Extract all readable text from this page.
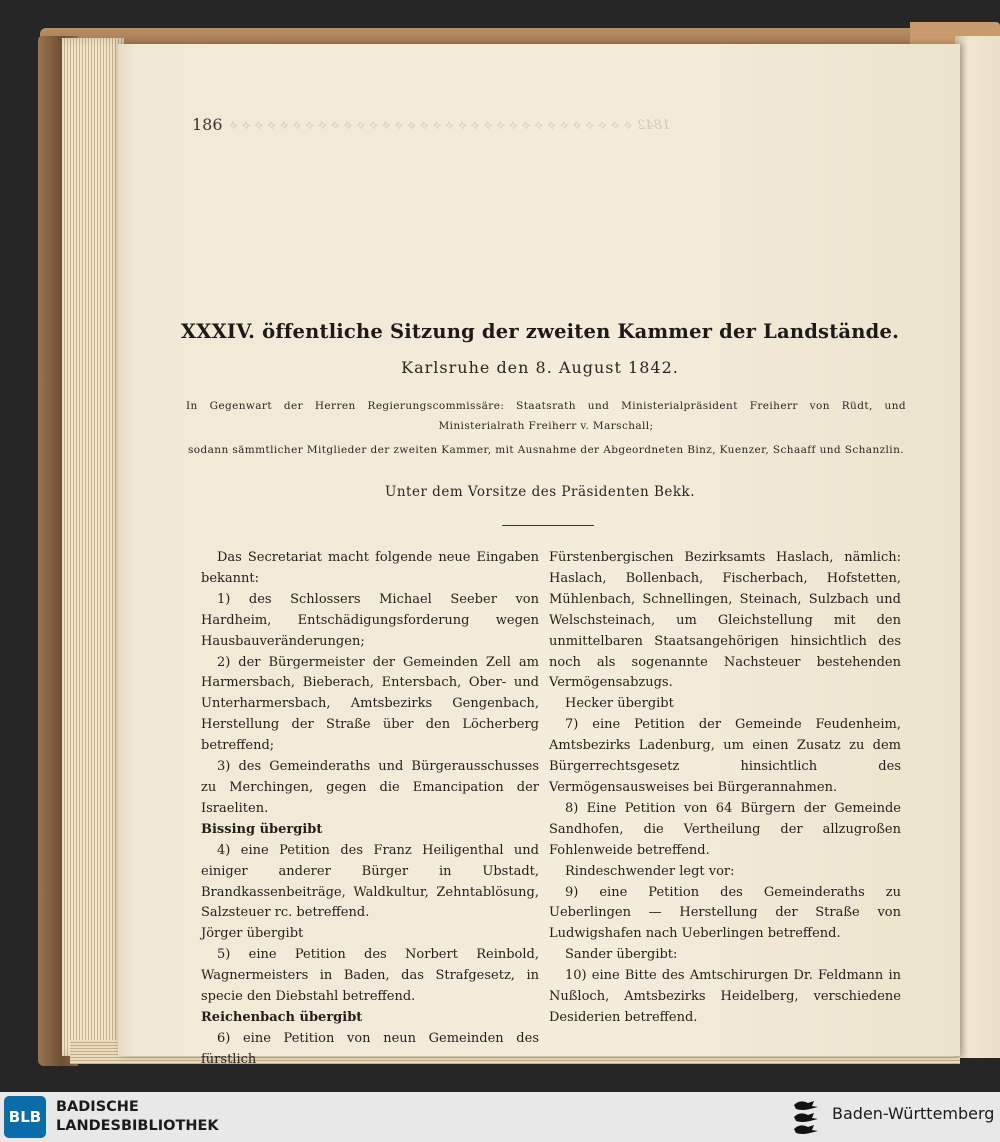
1842 ⟡ ⟡ ⟡ ⟡ ⟡ ⟡ ⟡ ⟡ ⟡ ⟡ ⟡ ⟡ ⟡ ⟡ ⟡ ⟡ ⟡ ⟡ ⟡ ⟡ ⟡ ⟡ ⟡ ⟡ ⟡ ⟡ ⟡ ⟡ ⟡ ⟡ ⟡ ⟡
186
XXXIV. öffentliche Sitzung der zweiten Kammer der Landstände.
Karlsruhe den 8. August 1842.
In Gegenwart der Herren Regierungscommissäre: Staatsrath und Ministerialpräsident Freiherr von Rüdt, und Ministerialrath Freiherr v. Marschall;
sodann sämmtlicher Mitglieder der zweiten Kammer, mit Ausnahme der Abgeordneten Binz, Kuenzer, Schaaff und Schanzlin.
Unter dem Vorsitze des Präsidenten Bekk.

Das Secretariat macht folgende neue Eingaben bekannt:

1) des Schlossers Michael Seeber von Hardheim, Entschädigungsforderung wegen Hausbauveränderungen;

2) der Bürgermeister der Gemeinden Zell am Harmersbach, Bieberach, Entersbach, Ober- und Unterharmersbach, Amtsbezirks Gengenbach, Herstellung der Straße über den Löcherberg betreffend;

3) des Gemeinderaths und Bürgerausschusses zu Merchingen, gegen die Emancipation der Israeliten.

Bissing übergibt

4) eine Petition des Franz Heiligenthal und einiger anderer Bürger in Ubstadt, Brandkassenbeiträge, Waldkultur, Zehntablösung, Salzsteuer rc. betreffend.

Jörger übergibt

5) eine Petition des Norbert Reinbold, Wagnermeisters in Baden, das Strafgesetz, in specie den Diebstahl betreffend.

Reichenbach übergibt

6) eine Petition von neun Gemeinden des fürstlich

Fürstenbergischen Bezirksamts Haslach, nämlich: Haslach, Bollenbach, Fischerbach, Hofstetten, Mühlenbach, Schnellingen, Steinach, Sulzbach und Welschsteinach, um Gleichstellung mit den unmittelbaren Staatsangehörigen hinsichtlich des noch als sogenannte Nachsteuer bestehenden Vermögensabzugs.

Hecker übergibt

7) eine Petition der Gemeinde Feudenheim, Amtsbezirks Ladenburg, um einen Zusatz zu dem Bürgerrechtsgesetz hinsichtlich des Vermögensausweises bei Bürgerannahmen.

8) Eine Petition von 64 Bürgern der Gemeinde Sandhofen, die Vertheilung der allzugroßen Fohlenweide betreffend.

Rindeschwender legt vor:

9) eine Petition des Gemeinderaths zu Ueberlingen — Herstellung der Straße von Ludwigshafen nach Ueberlingen betreffend.

Sander übergibt:

10) eine Bitte des Amtschirurgen Dr. Feldmann in Nußloch, Amtsbezirks Heidelberg, verschiedene Desiderien betreffend.

BLB
BADISCHE
LANDESBIBLIOTHEK
Baden-Württemberg
